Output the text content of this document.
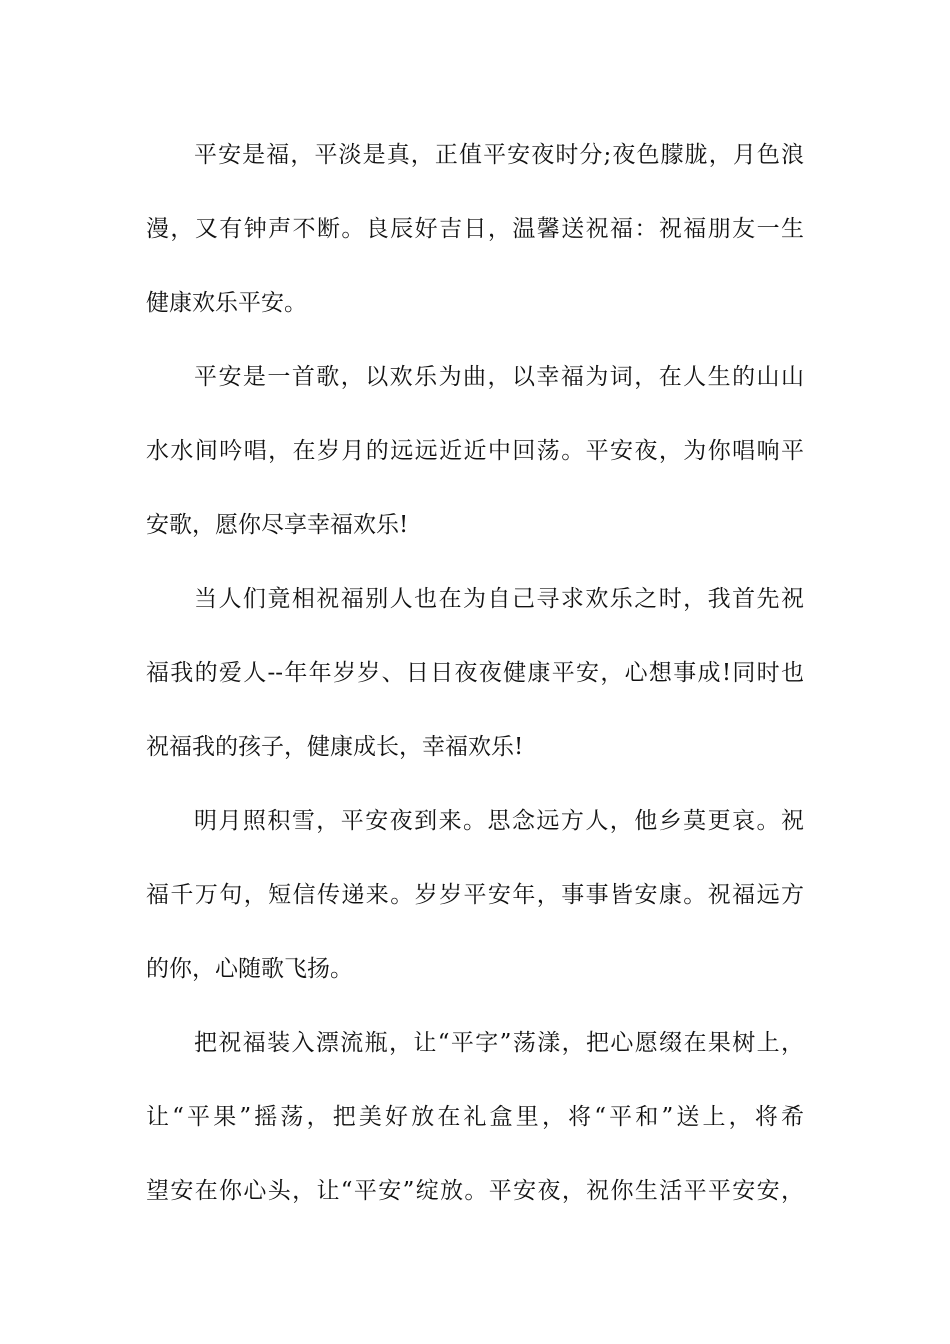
平安是福，平淡是真，正值平安夜时分;夜色朦胧，月色浪
漫，又有钟声不断。良辰好吉日，温馨送祝福：祝福朋友一生
健康欢乐平安。
平安是一首歌，以欢乐为曲，以幸福为词，在人生的山山
水水间吟唱，在岁月的远远近近中回荡。平安夜，为你唱响平
安歌，愿你尽享幸福欢乐!
当人们竟相祝福别人也在为自己寻求欢乐之时，我首先祝
福我的爱人--年年岁岁、日日夜夜健康平安，心想事成!同时也
祝福我的孩子，健康成长，幸福欢乐!
明月照积雪，平安夜到来。思念远方人，他乡莫更哀。祝
福千万句，短信传递来。岁岁平安年，事事皆安康。祝福远方
的你，心随歌飞扬。
把祝福装入漂流瓶，让“平字”荡漾，把心愿缀在果树上，
让“平果”摇荡，把美好放在礼盒里，将“平和”送上，将希
望安在你心头，让“平安”绽放。平安夜，祝你生活平平安安，
